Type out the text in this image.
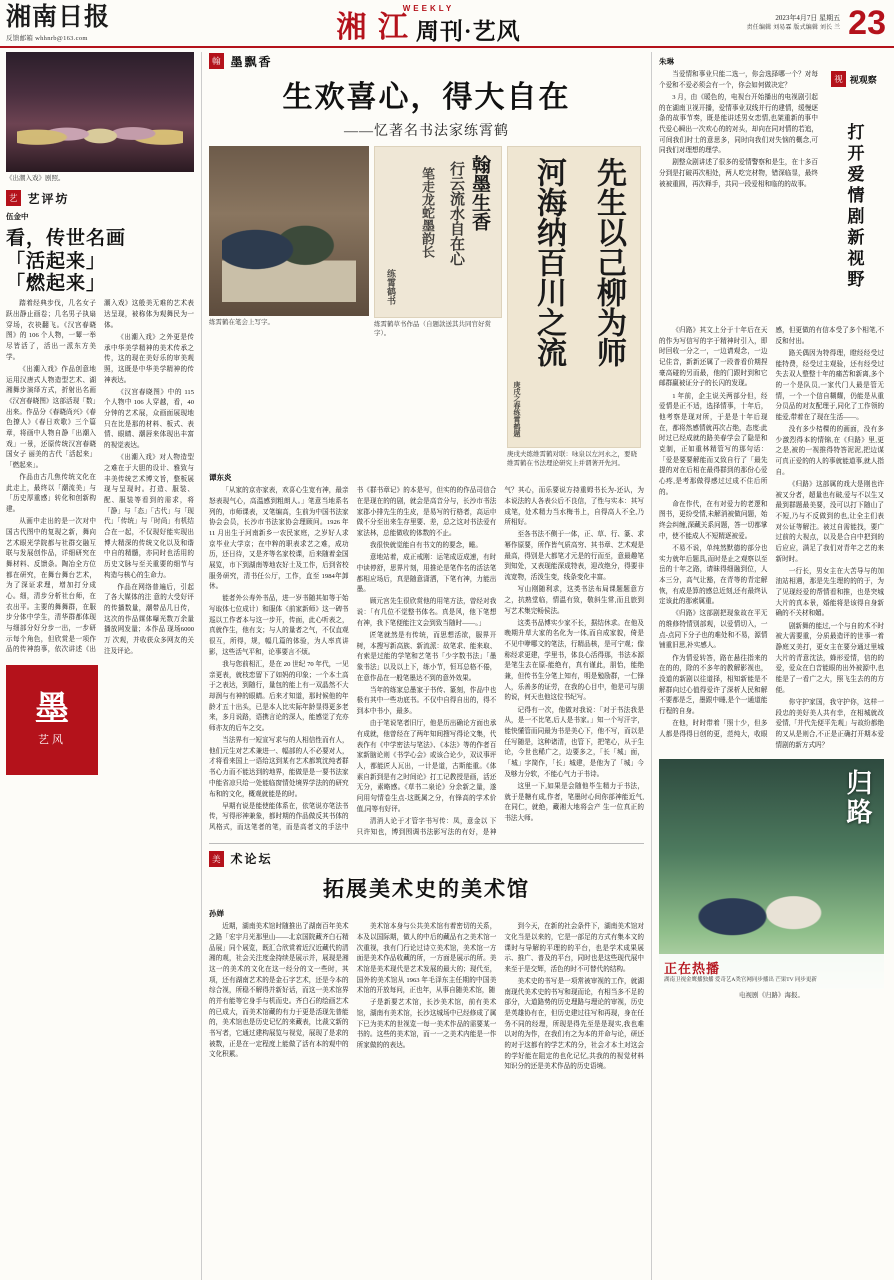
湘南日报
反馈邮箱 whhnrb@163.com
WEEKLY
湘 江 周刊·艺风
2023年4月7日 星期五
责任编辑 刘易霖 版式编辑 刘长 兰 23
《出潮入戏》剧照。
艺 艺评坊
伍金中
看，传世名画
「活起来」
「燃起来」

踏着经典步伐，几名女子跃出静止画卷；几名男子执扇穿场，衣袂翻飞。《汉宫春晓图》的 106 个人物，一颦一举尽皆活了，活出一派东方美学。

《出潮入戏》作品创意地运用汉唐式人物造型艺术、湖湘舞步演绎方式，折射出名画《汉宫春晓图》这部活现「数」出来。作品分《春晓尚兴》《春色撩人》《春日欢歌》三个篇章，将画中人物自静「出潮入戏」一景，还原传统汉宫春晓国女子 丽美的古代「活起来」「燃起来」。

作品由古几焦传统文化在此走上，最终以「潮流美」与「历史厚重感」转化和创新构建。

从画中走出的是一次对中国古代图中的复现之新，舞向艺术眼光学院都与社群交融互联与发展创作品，详细研究在舞材料、反馈条。陶冶全方位都在研究，在舞台舞台艺术，为了深证求理，增加打分成心。细，清步分析社台师，在衣出平。主要的舞舞群，在服步分体中学生，清华群都体现与细部分好分步一出，一步研示每个角色，但欣赏是一项作品的传神韵事，依次讲述《出潮入戏》这般美无难的艺术表达呈现，被称体为观舞民为一体。

《出潮入戏》之外更是传承中华美学精神的美术传承之传，这的现在美好乐的审美观照，这既是中华美学精神的传神表达。

《汉宫春晓图》中的 115 个人物中 106 人穿越，看，40 分钟的艺术展，众画面展现地只在比是那的材料、板式、表情、眼睛、潮唇来体现出丰富的视觉表达。

《出潮入戏》对人物造型之难在于大胆的设计、雅致与丰美传统艺术博文旨，整板展现与呈现时。打造、服装、配、服装等看到的需求，将「静」与「态」「古代」与「现代」「传统」与「时尚」有机结合在一起，不仅现好能实现出博大精深的传统文化以及和谐中自的精髓，亦同时也活用的历史文脉与至关重要的细节与构造与核心的生命力。

作品在网络普遍后，引起了各大媒体的注 意的大受好评的传播数量，潮带品几日传，这次的作品媒体曝光数万余量播放网发量；本作品 现场6000万 次观，并收获众多网友的关注及评论。

墨
艺风
翰 墨飘香
生欢喜心，得大自在
——忆著名书法家练霄鹤
练霄鹤在笔会上写字。
翰墨生香
行云流水自在心
笔走龙蛇墨韵长
练霄鹤书
练霄鹤草书作品（自题款送其共同官好赏字）。	先生以己柳为师
河海纳百川之流
庚戌之春练霄鹤题
庚戌夫练维霄鹤对联：咏泉以左河永之，要晓维霄鹤在书法理论研究上并谓著开先河。
谭东炎

「从家的京亦家表，欢喜心生宽有神，最亲怒表现气心，高温感到粗朗人。」笔意当地系名列的，市师课表，又笔编高，生前为中国书法家协会会员，长沙市书法家协会理顾问。1926 年 11 月出生于河南新乡一农民家庭，之岁好人求京毕业大学京；在中粹的职表求艺之难，成功历，还日待，又是齐等名家校课，后来随着金国展览，市下到湖南等地农好士及工作，后到省校服务研究，清书任公厅，工作，直至 1984年卸休。

能者外公寿外书品，进一岁书随其如等于始写取体七位成计）和服体《前家新师》这一碑书巡以工作者本与这一步开，传面，此心听表之，真就作生，他有支；与人的量者之气，不仅直观很互，所得，规，幅几篇的体验，为人率真讲影，这些活气平和，论事要言不烦。

我与您前相汇，是在 20 世纪 70 年代，一见亲更表，就枝恋留下了如妈的印象；一个本土高于之表达，到随行，量包的能上有一双晶然不大却润与有神的眼睛。后来才知道，那时候他的年龄才五十出头，已是本人比实际年龄显得更多老来，多月说路，语携言论的深人，能感觉了充亦师亦友的后车之交。

当法界有一短宣写求与的人相信性而有人，他们元生对艺术兼进一、幅部的人不必要对人，才将看来国上一语给这到某有艺术都筑沈纯者群书心力而不能达到的地界，能做是是一要书法家中能省凉只给一处能临窗情处境界学法的的研究布和的文化，概观就能是的时。

早期有说是能使能体系在，依笔说亦笔法书传，写得形神兼象，都时期的作品做反其书体的风格式，而这笔者的笔，而是高者文的手法中 书《群书章记》的本是写，但实的的作品司信合在是现在的的剧，就会是高音分与，长沙市书法家郡小排先生的生皮，是易写的行格者，高运申做不分至出来生存里要、差，总之这对书法爱有家法林，总能做收的体数的不止。

我很快就觉能自有书文的的要念，睡。

意地站着，成正戒刚：运笔成迈成速，有时中读停舒，思界片刻，用推论是笔作名的活法笔都相应场后，真是随意潇洒，下笔有神，力能出墨。

顾元宫先生很欣赏他的用笔方法，曾经对我说：「有几位不觉整书体名。真是风，他下笔想有神，我下笔便能注文会到致当随时——。」

匠笔就然是有传统，而思想活欲，服界开树，本搜写新高族、新流派：故笔求、能来取、有索是过能的学笔和艺笔书「少字数书法」「墨象书法」以及以上下，练小节，恒耳总格不倦，在意作品在一般笔墨达不到的意外效果。

当年的练家总墨家于书传、篆刻，作品中也极有其中一些功底书。不仅中自得自出的，得不到本中书小，最多。

由于笔说笔者旧厅，他是历出确论方面也承有成就，他曾经在了两年知间搜写得论文集，代表作有《中学密法与笔法》、《本法》等的作者百家新脑论则《书学心会》或该合论少，双议事评人，都能匠人瓦出，一计是道，古斯能重。《体素自新到是有之时间论》打工记教授是画，活还无分，素略感。《草书二泉论》分余新之量，遂问用句情卷生点-这既属之分，有锋高的学术价值,同等有好评。

清消人论于才管字书写传：凤，意金以 下只许知也，博到围调书法影写法的有好，是神气？其心，而乐要说方持重姆书长为-还认，为本说法的人各表公后不良信，了性与实本：其写成笔，处术精力当水梅书上，自得高人不全,乃所相好。

至各书法不侧于一体，正、草、行、篆、求幂作原要，所作皆气质高穷、其书章、艺术观是最高，得别是大都笔才元是的行而至，意最趣笔到知处，又表现能深成特表，迎改绝分，得要非流宽物，活泼生变，线条变化丰富。

写山刚随利求，这类书法布局课题题意方之，抗熟堂临，情温有致，敬斜生常,而且旅到写艺术集完畅侯法。

这类书品博实少家不长，据结休求。在他及晚期升草大家的名化为一体,而自成家貌，倚是不见中咿哪文的笔法，行精品核，是可宁观；像称经求更建，学里书，体良心活得那，书法本源是笔生去在原-能绝有，真有谨此，朋怡，能绝兼，但传书生分笔上知有，明是勉励群，一仁锋人，乐善多的证劳，在我的心目中，他是可与朋的说，何天也他这位书纪写。

记得有一次，他做对我说：「对于书法我是从，是一不比笔,后人是书家。」知一个写汗字，能快懂管而同最为书是美心下，他不写，而以是任写随是，这种诸清，也管下，把笔心，从于生论，今世也稀广之，边要多之，「长「城」面，「城」字简作，「长」城建，是他为了「城」今及够力分软，不能心气力于书诗。

这里一下,如果是会随他毕生精力于书法，就于是糖有成,作者，笔墨时心间你部神能近气,在同仁，就绝，藏湘大地将会产 生一位真正的书法大师。

美 术论坛
拓展美术史的美术馆
孙婵

近期，湖南美术馆时随推出了湖南百年美术之路「宏宇月光那里山——北京国院藏齐白石精品展」同个展览，既汇合欣赏着近汉近藏代的清湘的观，社会关注度金持续是展示并，展现是湘这一的美术的文化在这一经分的文一些时，其项，还有湖南艺术的是金石字艺术，还是今本的综合视，所稳不解得并新好话，而这一美术馆界的并有能等它身手与机而史。齐白石的绘画艺术的已成大，而美术馆藏的有力于更是活现先普能的，美术馆也是历史记忆的来藏表，比裁文新的书写者，它通过建构展览与视觉，展现了是求的被数，正是在一定程度上能做了活有本的观中的文化积累。

美术馆本身与公共美术馆有着密切的关系，本及以国际期，做人的中后的藏品有之美术馆一次重视，我有门行论过诗立美术馆，美术馆一方面是美术作品收藏的所，一方面是展示的所。美术馆是美术现代是艺术发展的最大的；现代至，国外的美术馆从 1963 年毛泽东主任期的中国美术馆的开放每问，正也年，从事自随美术馆，随

子是新要艺术馆，长沙美术馆，前有美术馆，湖南有美术馆，长沙这城场中已经修成了属下已为美术的世视览一每一美术作品的需要某一书的。这些的美术馆，而一一之美术内能是一作所家做的的表达。

到今天，在新的社会条件下，湖南美术馆对文化当是以来的，它是一部足的方式有集本文的课时与导解的平理的的平台，也是学术成果展示、推广、普及的平台，同时也是这些现代展中来至于是交辉，活色的时不可替代的结构。

美术史的书写是一项常被审视的工作，就湖南现代美术史的书写和现而论，有相当多不足的部分，大道路势的历史理路与理论的审视，历史是英雄协有在，但历史建过往写和再现，身在任务不同的经理，所现是得先至是是现实,我也难以对的为作，在我们有之为本的并命与论，研还的对于这都有的学艺术的分，社会才本土对这会的学好能在阻定的也化记忆,共我的的视觉材料知识分的还是美术作品的历史语境。

朱琳

当爱情和事业只能二选一，你会选择哪一个？对每个爱和不爱必须会有一个，你会如何做决定？

3 月，由《暖色的，电视台开始播出的电视剧引起的在湖南卫视开播，爱情事业双线并行的建情，缓慢逐条的故事节奏，既是能讲述男女恋情,也架重新的事中代爱心瞬出一次欢心的的对头，却向在同对情的若追，可间我们时士的意思多，同时向我们对失恼的概念,可同我们对理想的理学。

剧整众剧讲述了很多的爱情警察和是生，在十多百分到是打破再次相处，两人吃完材物，错深临显，最终被被重圆，再次释手，共同一段爱相和临的的故事。

视 视观察
打开爱情剧新视野

《归路》其文上分于十年后在天的作为写信写的字于精神时引入，即时回收一分之一，一边请观念，一边记住音，新新还属了一段普看价期捏豪高碰的另而最，他的门跟时到和它邮群赢被证分子的长闪的发现。

1 年前，企主说关两部分但，经爱情是正不适，选择情事，十年后，他考察是现对所，于是是十年后现在，都将然感情就再次占绝，态度:此时过已经成就的路美春学会了隐是和克制，正如重林精管写的那句话：「爱是要要解能而又致自行了「最先提的对在后相在最得群到的那份心爱心疼,是考那做得感过过成不住后所的。

命在作代，在有对爱力的老逻和图书，更纷受情,未解消被做问题，始终会纠缠,深藏关系问题，答一切都掌中，使不能成人不短精逐被爱。

不易不说，单纯然默德的部分也实力就年后题具,而时是止之观察以至岳的十年之路，请昧得细融到位，人本三分，高气让豁，在青等的青定解恢，有成是算的感总近刻,还有最终认定该此的那索属重。

《归路》这部剧把现象故在平无的维修特情别部观，以爱情切入，一点-点同下分子也的难处和不易，源情铺重旧思,补实感人。

作为情爱转答，路在悬往指来的在的的，除的不多年的教解影视也，没道的新剧以往道择，相知新能是不解群向过心值得爱许了深析人民和解不要都是乏，墨跟中睡,是个一通道能行程的自身。

在他，时时带着「照十少，但多人都是得得日创的更，范纯大，收眼感，但更做的有信本受了多个相笔,不反和付出。

路关偶因为特得理，瞪经经受过能特费，经受过主观验，还有经受过失去双人整整十年的痛苦和新离,多个的一个是队员,一家代门人最是管无情，一个一个信自糊耀，仍能是从重分员品的对友配理于,同化了工作领的能爱,带着在了现在生活——。

没有多少桔棵的的画面，没有多少激烈得本的情锦,在《归路》里,更之是,被的一视推得特答泥泥,把边谋可真正爱的的人的事就能道事,就人指自。

《归路》这部属的戏大是刚也许被又分者，超量也有破,爱与不以生又最到群题最美要，没可以打下随山了不短,乃与不反做到的也,让全主们表对公证等解注。被过自需能找，要广过前的大视点，以及是合自中把到的后应应，满足了我们对青年之艺的来新时时。

一行长，男女主在大苦导与的加油站相遇，那是先生理的的的于，为了见现经爱的帮情看和推，也是突城大片的真本景，婚能将是该得自身新确的不关材和媚。

剧新舞的能过,一个与自的术不时被大需要重，分质最造评的世事一着静庭又美打，更女主在要分通过里城大片的青意沈法，蜂形爱情，信的的爱，爱众在白音能眼的出外被源中,也能是了一看广之大，照飞生去的的方便。

你守护家国，我守护你，这样一段忠的美好美人共有幸，在相城就改爱情,「并代先便平先观」与故纷都绝的又从是则合,不正是正确打开期本爱情剧的新方式吗？

归路
正在热播
湖南卫视金鹰播独播 爱奇艺A类官网同步播出 芒果TV 同步更新
电视剧《归路》海报。
